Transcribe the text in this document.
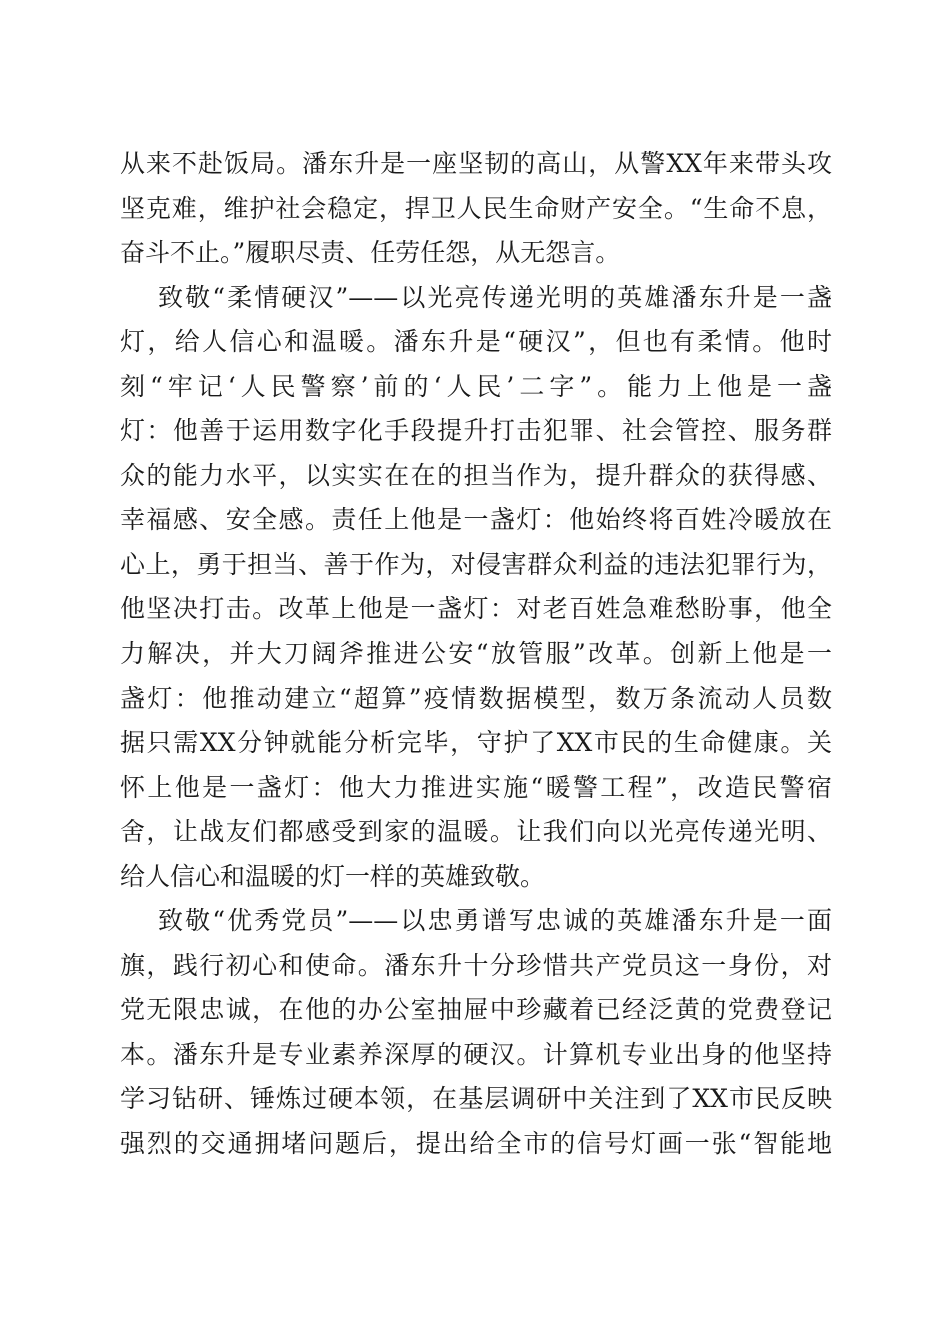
从来不赴饭局。潘东升是一座坚韧的高山，从警XX年来带头攻
坚克难，维护社会稳定，捍卫人民生命财产安全。“生命不息，
奋斗不止。”履职尽责、任劳任怨，从无怨言。
致敬“柔情硬汉”——以光亮传递光明的英雄潘东升是一盏
灯，给人信心和温暖。潘东升是“硬汉”，但也有柔情。他时
刻“牢记‘人民警察’前的‘人民’二字”。能力上他是一盏
灯：他善于运用数字化手段提升打击犯罪、社会管控、服务群
众的能力水平，以实实在在的担当作为，提升群众的获得感、
幸福感、安全感。责任上他是一盏灯：他始终将百姓冷暖放在
心上，勇于担当、善于作为，对侵害群众利益的违法犯罪行为，
他坚决打击。改革上他是一盏灯：对老百姓急难愁盼事，他全
力解决，并大刀阔斧推进公安“放管服”改革。创新上他是一
盏灯：他推动建立“超算”疫情数据模型，数万条流动人员数
据只需XX分钟就能分析完毕，守护了XX市民的生命健康。关
怀上他是一盏灯：他大力推进实施“暖警工程”，改造民警宿
舍，让战友们都感受到家的温暖。让我们向以光亮传递光明、
给人信心和温暖的灯一样的英雄致敬。
致敬“优秀党员”——以忠勇谱写忠诚的英雄潘东升是一面
旗，践行初心和使命。潘东升十分珍惜共产党员这一身份，对
党无限忠诚，在他的办公室抽屉中珍藏着已经泛黄的党费登记
本。潘东升是专业素养深厚的硬汉。计算机专业出身的他坚持
学习钻研、锤炼过硬本领，在基层调研中关注到了XX市民反映
强烈的交通拥堵问题后，提出给全市的信号灯画一张“智能地
